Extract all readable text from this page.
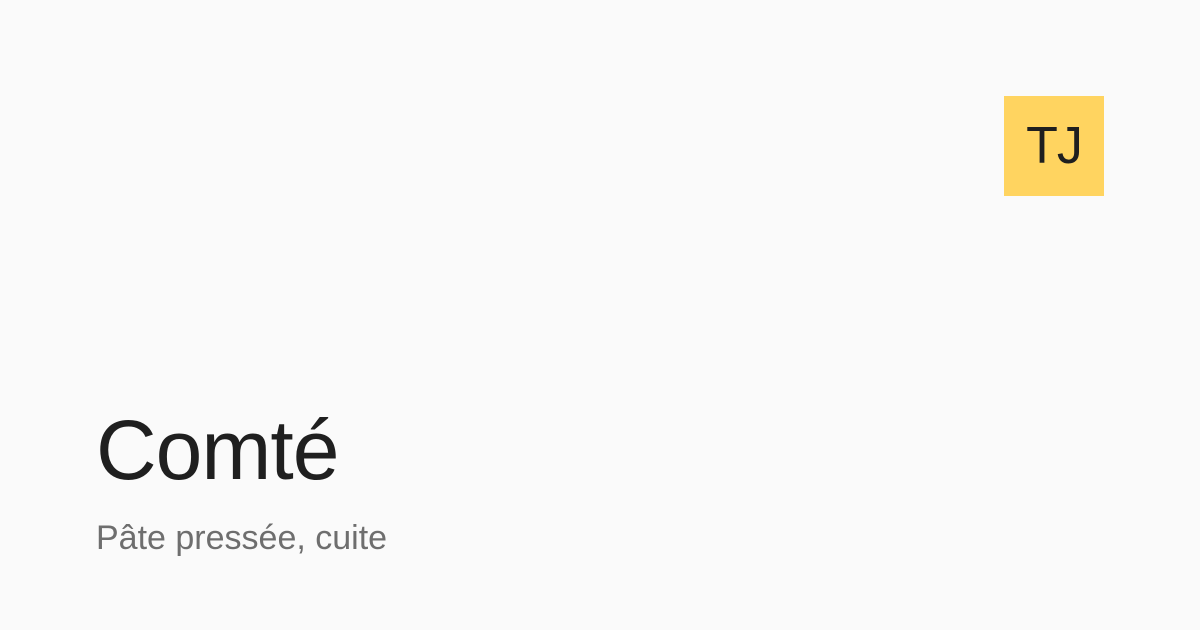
TJ
Comté

Pâte pressée, cuite
